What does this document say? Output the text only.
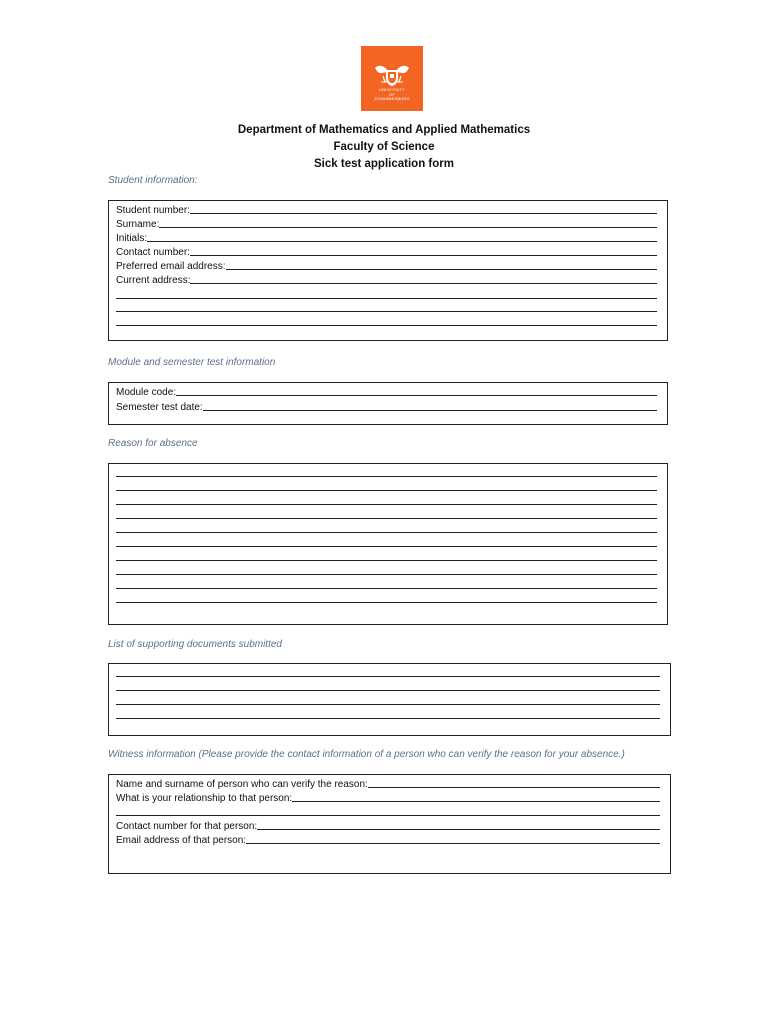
UNIVERSITY
OF
JOHANNESBURG
Department of Mathematics and Applied Mathematics
Faculty of Science
Sick test application form
Student information:
Student number:
Surname:
Initials:
Contact number:
Preferred email address:
Current address:
Module and semester test information
Module code:
Semester test date:
Reason for absence
List of supporting documents submitted
Witness information (Please provide the contact information of a person who can verify the reason for your absence.)
Name and surname of person who can verify the reason:
What is your relationship to that person:
Contact number for that person:
Email address of that person:
